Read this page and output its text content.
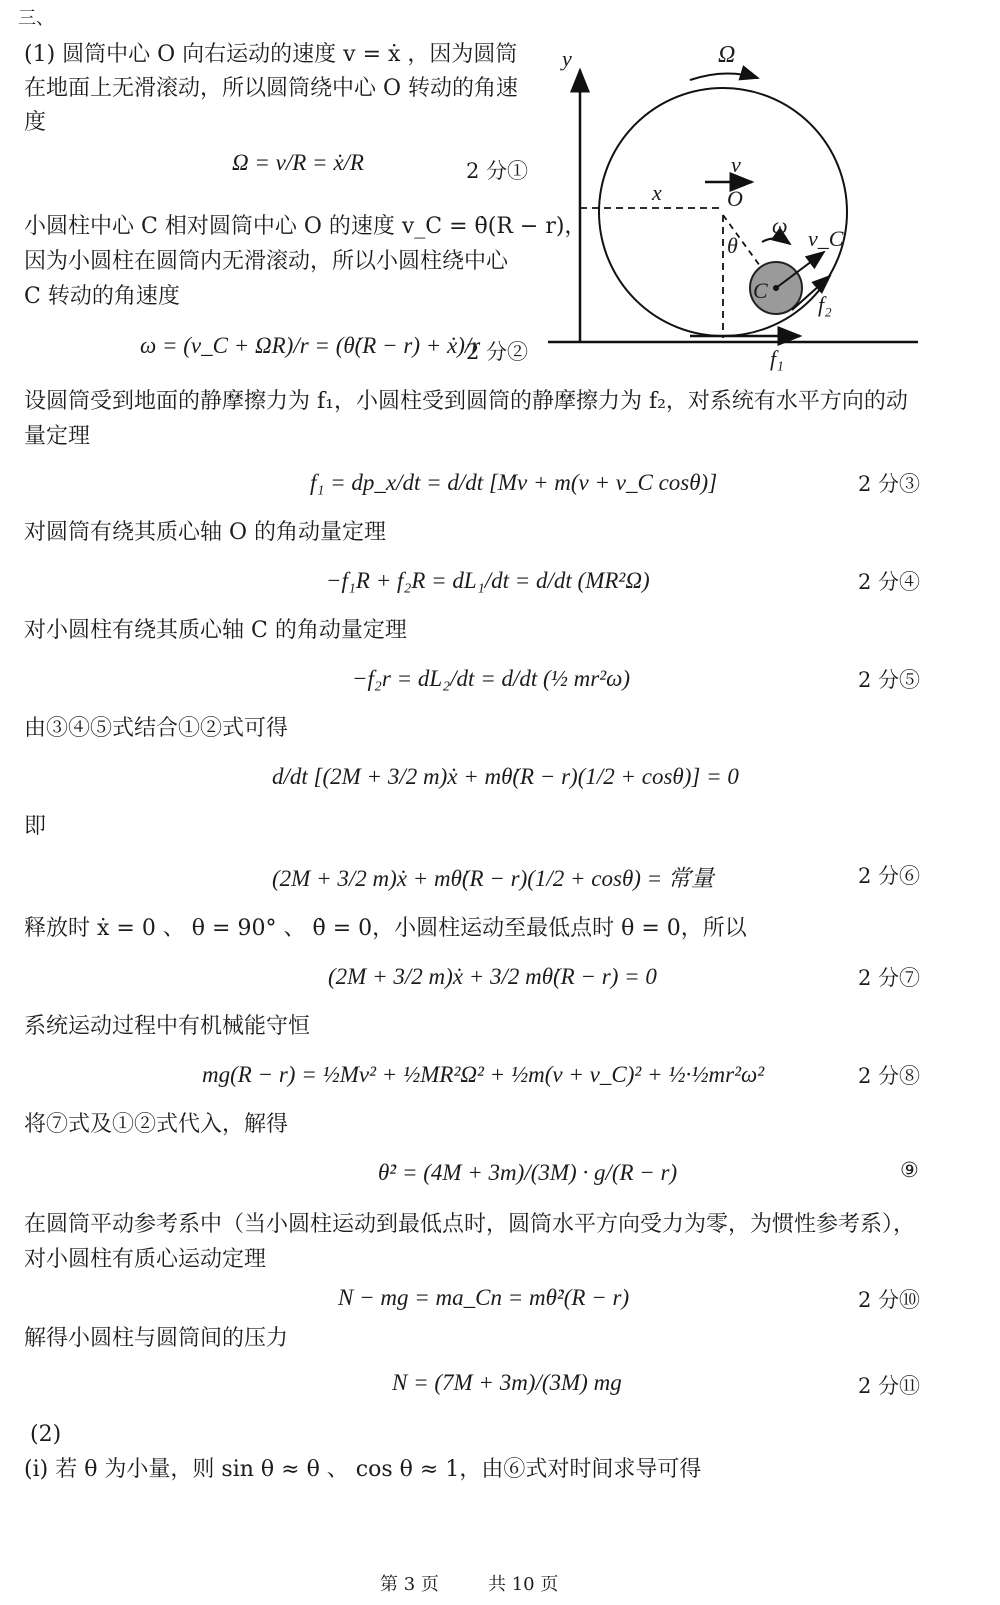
三、
(1) 圆筒中心 O 向右运动的速度 v = ẋ ，因为圆筒
在地面上无滑滚动，所以圆筒绕中心 O 转动的角速
度
Ω = v/R = ẋ/R	2 分①
小圆柱中心 C 相对圆筒中心 O 的速度 v_C = θ̇(R − r)，
因为小圆柱在圆筒内无滑滚动，所以小圆柱绕中心
C 转动的角速度
ω = (v_C + ΩR)/r = (θ̇(R − r) + ẋ)/r
2 分②
设圆筒受到地面的静摩擦力为 f₁，小圆柱受到圆筒的静摩擦力为 f₂，对系统有水平方向的动
量定理
f₁ = dp_x/dt = d/dt [Mv + m(v + v_C cosθ)]	2 分③
对圆筒有绕其质心轴 O 的角动量定理
−f₁R + f₂R = dL₁/dt = d/dt (MR²Ω)	2 分④
对小圆柱有绕其质心轴 C 的角动量定理
−f₂r = dL₂/dt = d/dt (½ mr²ω)	2 分⑤
由③④⑤式结合①②式可得
d/dt [(2M + 3/2 m)ẋ + mθ̇(R − r)(1/2 + cosθ)] = 0
即
(2M + 3/2 m)ẋ + mθ̇(R − r)(1/2 + cosθ) = 常量	2 分⑥
释放时 ẋ = 0 、 θ = 90° 、 θ̇ = 0，小圆柱运动至最低点时 θ = 0，所以
(2M + 3/2 m)ẋ + 3/2 mθ̇(R − r) = 0	2 分⑦
系统运动过程中有机械能守恒
mg(R − r) = ½Mv² + ½MR²Ω² + ½m(v + v_C)² + ½·½mr²ω²	2 分⑧
将⑦式及①②式代入，解得
θ̇² = (4M + 3m)/(3M) · g/(R − r)	⑨
在圆筒平动参考系中（当小圆柱运动到最低点时，圆筒水平方向受力为零，为惯性参考系），
对小圆柱有质心运动定理
N − mg = ma_Cn = mθ̇²(R − r)	2 分⑩
解得小圆柱与圆筒间的压力
N = (7M + 3m)/(3M) mg	2 分⑪
(2)
(i) 若 θ 为小量，则 sin θ ≈ θ 、 cos θ ≈ 1，由⑥式对时间求导可得
y	Ω
v
x	O
ω
θ	v_C
C
f₂
f₁
第 3 页	共 10 页
